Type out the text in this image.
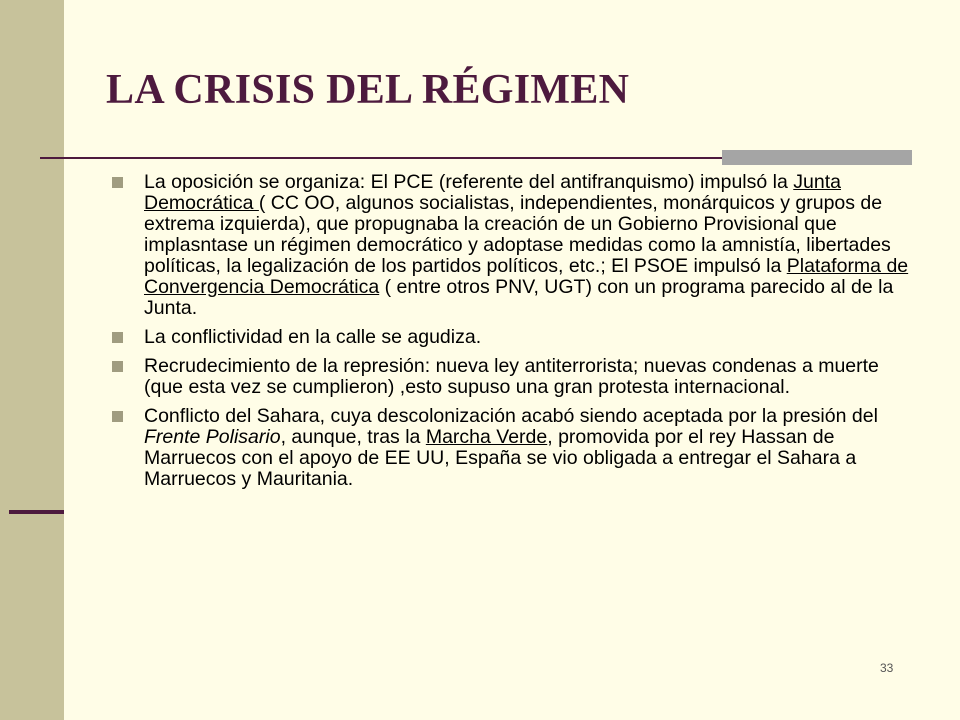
LA CRISIS DEL RÉGIMEN
La oposición se organiza: El PCE (referente del antifranquismo) impulsó la Junta Democrática ( CC OO, algunos socialistas, independientes, monárquicos y grupos de extrema izquierda), que propugnaba la creación de un Gobierno Provisional que implasntase un régimen democrático y adoptase medidas como la amnistía, libertades políticas, la legalización de los partidos políticos, etc.; El PSOE impulsó la Plataforma de Convergencia Democrática ( entre otros PNV, UGT) con un programa parecido al de la Junta.
La conflictividad en la calle se agudiza.
Recrudecimiento de la represión: nueva ley antiterrorista; nuevas condenas a muerte (que esta vez se cumplieron) ,esto supuso una gran protesta internacional.
Conflicto del Sahara, cuya descolonización acabó siendo aceptada por la presión del Frente Polisario, aunque, tras la Marcha Verde, promovida por el rey Hassan de Marruecos con el apoyo de EE UU, España se vio obligada a entregar el Sahara a Marruecos y Mauritania.
33
